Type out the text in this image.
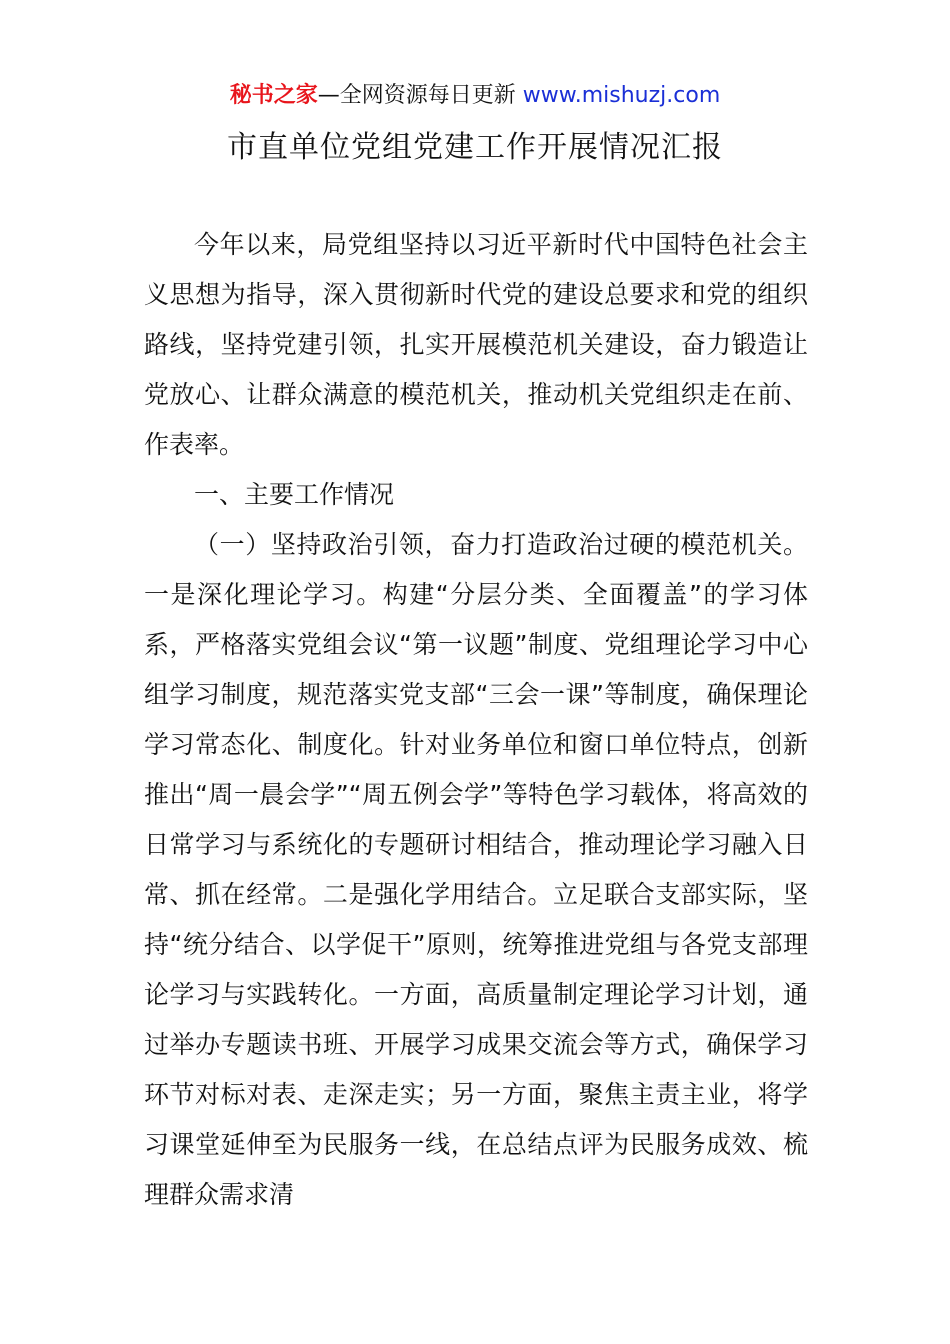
秘书之家—全网资源每日更新 www.mishuzj.com
市直单位党组党建工作开展情况汇报

今年以来，局党组坚持以习近平新时代中国特色社会主义思想为指导，深入贯彻新时代党的建设总要求和党的组织路线，坚持党建引领，扎实开展模范机关建设，奋力锻造让党放心、让群众满意的模范机关，推动机关党组织走在前、作表率。

一、主要工作情况

（一）坚持政治引领，奋力打造政治过硬的模范机关。一是深化理论学习。构建“分层分类、全面覆盖”的学习体系，严格落实党组会议“第一议题”制度、党组理论学习中心组学习制度，规范落实党支部“三会一课”等制度，确保理论学习常态化、制度化。针对业务单位和窗口单位特点，创新推出“周一晨会学”“周五例会学”等特色学习载体，将高效的日常学习与系统化的专题研讨相结合，推动理论学习融入日常、抓在经常。二是强化学用结合。立足联合支部实际，坚持“统分结合、以学促干”原则，统筹推进党组与各党支部理论学习与实践转化。一方面，高质量制定理论学习计划，通过举办专题读书班、开展学习成果交流会等方式，确保学习环节对标对表、走深走实；另一方面，聚焦主责主业，将学习课堂延伸至为民服务一线，在总结点评为民服务成效、梳理群众需求清
